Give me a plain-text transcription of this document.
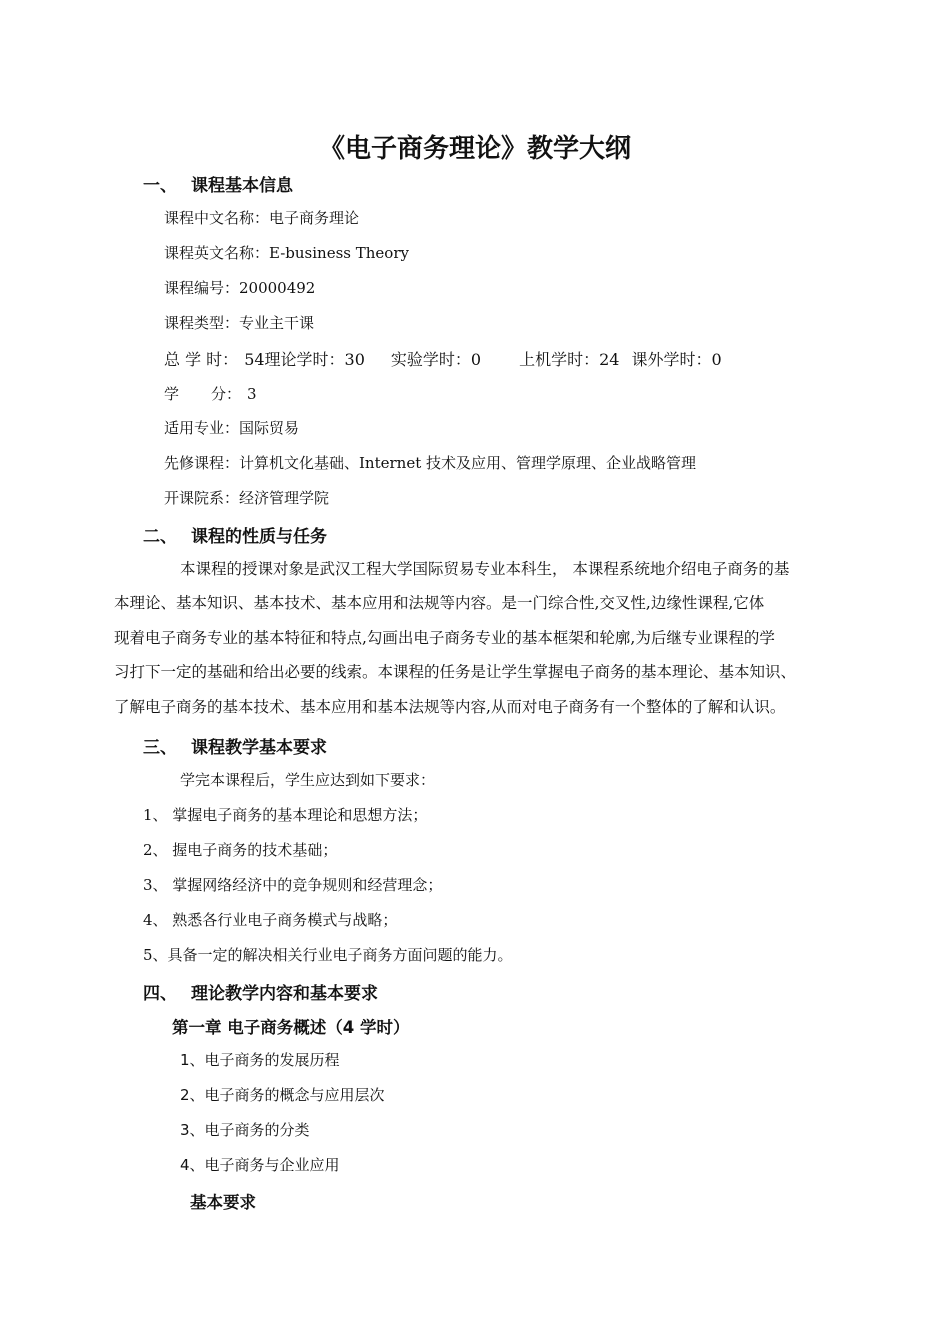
《电子商务理论》教学大纲
一、 课程基本信息
课程中文名称：电子商务理论
课程英文名称：E-business Theory
课程编号：20000492
课程类型：专业主干课
总 学 时： 54理论学时：30 实验学时：0 上机学时：24 课外学时：0
学 分： 3
适用专业：国际贸易
先修课程：计算机文化基础、Internet 技术及应用、管理学原理、企业战略管理
开课院系：经济管理学院
二、 课程的性质与任务
本课程的授课对象是武汉工程大学国际贸易专业本科生， 本课程系统地介绍电子商务的基
本理论、基本知识、基本技术、基本应用和法规等内容。是一门综合性,交叉性,边缘性课程,它体
现着电子商务专业的基本特征和特点,勾画出电子商务专业的基本框架和轮廓,为后继专业课程的学
习打下一定的基础和给出必要的线索。本课程的任务是让学生掌握电子商务的基本理论、基本知识、
了解电子商务的基本技术、基本应用和基本法规等内容,从而对电子商务有一个整体的了解和认识。
三、 课程教学基本要求
学完本课程后，学生应达到如下要求：
1、 掌握电子商务的基本理论和思想方法；
2、 握电子商务的技术基础；
3、 掌握网络经济中的竞争规则和经营理念；
4、 熟悉各行业电子商务模式与战略；
5、具备一定的解决相关行业电子商务方面问题的能力。
四、 理论教学内容和基本要求
第一章 电子商务概述（4 学时）
1、电子商务的发展历程
2、电子商务的概念与应用层次
3、电子商务的分类
4、电子商务与企业应用
基本要求
